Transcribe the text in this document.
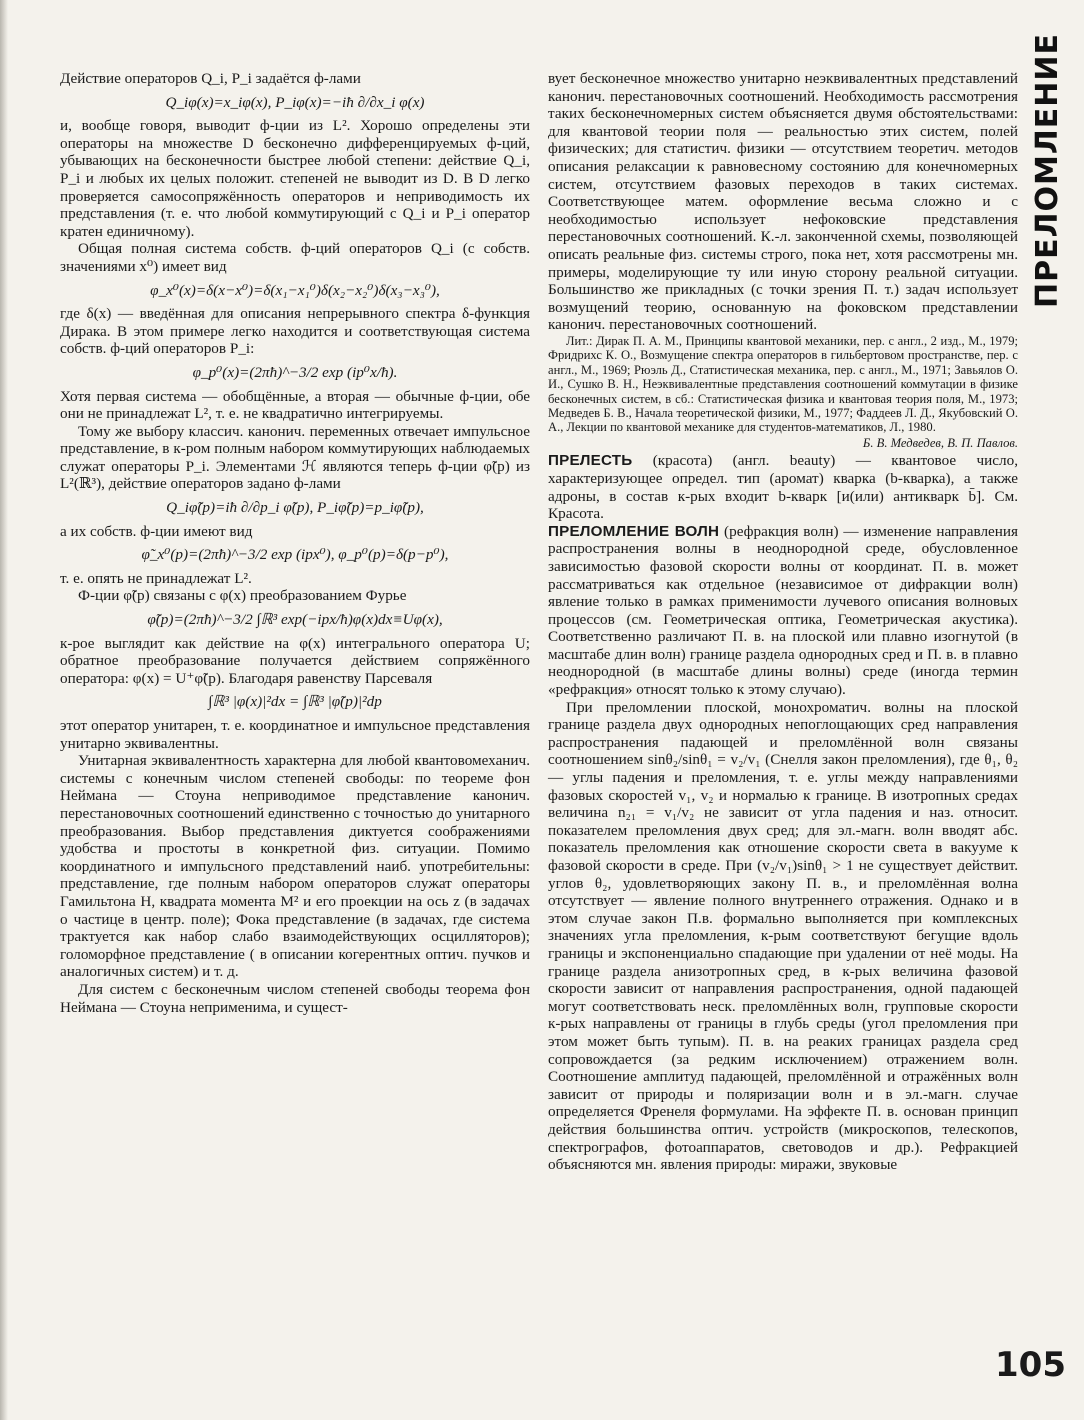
Действие операторов Q_i, P_i задаётся ф-лами

Q_iφ(x)=x_iφ(x), P_iφ(x)=−iħ ∂/∂x_i φ(x)

и, вообще говоря, выводит ф-ции из L². Хорошо определены эти операторы на множестве D бесконечно дифференцируемых ф-ций, убывающих на бесконечности быстрее любой степени: действие Q_i, P_i и любых их целых положит. степеней не выводит из D. В D легко проверяется самосопряжённость операторов и неприводимость их представления (т. е. что любой коммутирующий с Q_i и P_i оператор кратен единичному).

Общая полная система собств. ф-ций операторов Q_i (с собств. значениями x⁰) имеет вид

φ_x⁰(x)=δ(x−x⁰)=δ(x₁−x₁⁰)δ(x₂−x₂⁰)δ(x₃−x₃⁰),

где δ(x) — введённая для описания непрерывного спектра δ-функция Дирака. В этом примере легко находится и соответствующая система собств. ф-ций операторов P_i:

φ_p⁰(x)=(2πħ)^−3/2 exp (ip⁰x/ħ).

Хотя первая система — обобщённые, а вторая — обычные ф-ции, обе они не принадлежат L², т. е. не квадратично интегрируемы.

Тому же выбору классич. канонич. переменных отвечает импульсное представление, в к-ром полным набором коммутирующих наблюдаемых служат операторы P_i. Элементами ℋ являются теперь ф-ции φ̃(p) из L²(ℝ³), действие операторов задано ф-лами

Q_iφ̃(p)=iħ ∂/∂p_i φ̃(p), P_iφ̃(p)=p_iφ̃(p),

а их собств. ф-ции имеют вид

φ̃_x⁰(p)=(2πħ)^−3/2 exp (ipx⁰), φ_p⁰(p)=δ(p−p⁰),

т. е. опять не принадлежат L².

Ф-ции φ̃(p) связаны с φ(x) преобразованием Фурье

φ̃(p)=(2πħ)^−3/2 ∫ℝ³ exp(−ipx/ħ)φ(x)dx≡Uφ(x),

к-рое выглядит как действие на φ(x) интегрального оператора U; обратное преобразование получается действием сопряжённого оператора: φ(x) = U⁺φ̃(p). Благодаря равенству Парсеваля

∫ℝ³ |φ(x)|²dx = ∫ℝ³ |φ̃(p)|²dp

этот оператор унитарен, т. е. координатное и импульсное представления унитарно эквивалентны.

Унитарная эквивалентность характерна для любой квантовомеханич. системы с конечным числом степеней свободы: по теореме фон Неймана — Стоуна неприводимое представление канонич. перестановочных соотношений единственно с точностью до унитарного преобразования. Выбор представления диктуется соображениями удобства и простоты в конкретной физ. ситуации. Помимо координатного и импульсного представлений наиб. употребительны: представление, где полным набором операторов служат операторы Гамильтона H, квадрата момента M² и его проекции на ось z (в задачах о частице в центр. поле); Фока представление (в задачах, где система трактуется как набор слабо взаимодействующих осцилляторов); голоморфное представление ( в описании когерентных оптич. пучков и аналогичных систем) и т. д.

Для систем с бесконечным числом степеней свободы теорема фон Неймана — Стоуна неприменима, и сущест-

вует бесконечное множество унитарно неэквивалентных представлений канонич. перестановочных соотношений. Необходимость рассмотрения таких бесконечномерных систем объясняется двумя обстоятельствами: для квантовой теории поля — реальностью этих систем, полей физических; для статистич. физики — отсутствием теоретич. методов описания релаксации к равновесному состоянию для конечномерных систем, отсутствием фазовых переходов в таких системах. Соответствующее матем. оформление весьма сложно и с необходимостью использует нефоковские представления перестановочных соотношений. К.-л. законченной схемы, позволяющей описать реальные физ. системы строго, пока нет, хотя рассмотрены мн. примеры, моделирующие ту или иную сторону реальной ситуации. Большинство же прикладных (с точки зрения П. т.) задач использует возмущений теорию, основанную на фоковском представлении канонич. перестановочных соотношений.

Лит.: Дирак П. А. М., Принципы квантовой механики, пер. с англ., 2 изд., М., 1979; Фридрихс К. О., Возмущение спектра операторов в гильбертовом пространстве, пер. с англ., М., 1969; Рюэль Д., Статистическая механика, пер. с англ., М., 1971; Завьялов О. И., Сушко В. Н., Неэквивалентные представления соотношений коммутации в физике бесконечных систем, в сб.: Статистическая физика и квантовая теория поля, М., 1973; Медведев Б. В., Начала теоретической физики, М., 1977; Фаддеев Л. Д., Якубовский О. А., Лекции по квантовой механике для студентов-математиков, Л., 1980.

Б. В. Медведев, В. П. Павлов.

ПРЕЛЕСТЬ (красота) (англ. beauty) — квантовое число, характеризующее определ. тип (аромат) кварка (b-кварка), а также адроны, в состав к-рых входит b-кварк [и(или) антикварк b̄]. См. Красота.

ПРЕЛОМЛЕНИЕ ВОЛН (рефракция волн) — изменение направления распространения волны в неоднородной среде, обусловленное зависимостью фазовой скорости волны от координат. П. в. может рассматриваться как отдельное (независимое от дифракции волн) явление только в рамках применимости лучевого описания волновых процессов (см. Геометрическая оптика, Геометрическая акустика). Соответственно различают П. в. на плоской или плавно изогнутой (в масштабе длин волн) границе раздела однородных сред и П. в. в плавно неоднородной (в масштабе длины волны) среде (иногда термин «рефракция» относят только к этому случаю).

При преломлении плоской, монохроматич. волны на плоской границе раздела двух однородных непоглощающих сред направления распространения падающей и преломлённой волн связаны соотношением sinθ₂/sinθ₁ = v₂/v₁ (Снелля закон преломления), где θ₁, θ₂ — углы падения и преломления, т. е. углы между направлениями фазовых скоростей v₁, v₂ и нормалью к границе. В изотропных средах величина n₂₁ = v₁/v₂ не зависит от угла падения и наз. относит. показателем преломления двух сред; для эл.-магн. волн вводят абс. показатель преломления как отношение скорости света в вакууме к фазовой скорости в среде. При (v₂/v₁)sinθ₁ > 1 не существует действит. углов θ₂, удовлетворяющих закону П. в., и преломлённая волна отсутствует — явление полного внутреннего отражения. Однако и в этом случае закон П.в. формально выполняется при комплексных значениях угла преломления, к-рым соответствуют бегущие вдоль границы и экспоненциально спадающие при удалении от неё моды. На границе раздела анизотропных сред, в к-рых величина фазовой скорости зависит от направления распространения, одной падающей могут соответствовать неск. преломлённых волн, групповые скорости к-рых направлены от границы в глубь среды (угол преломления при этом может быть тупым). П. в. на реаких границах раздела сред сопровождается (за редким исключением) отражением волн. Соотношение амплитуд падающей, преломлённой и отражённых волн зависит от природы и поляризации волн и в эл.-магн. случае определяется Френеля формулами. На эффекте П. в. основан принцип действия большинства оптич. устройств (микроскопов, телескопов, спектрографов, фотоаппаратов, световодов и др.). Рефракцией объясняются мн. явления природы: миражи, звуковые

ПРЕЛОМЛЕНИЕ
105
